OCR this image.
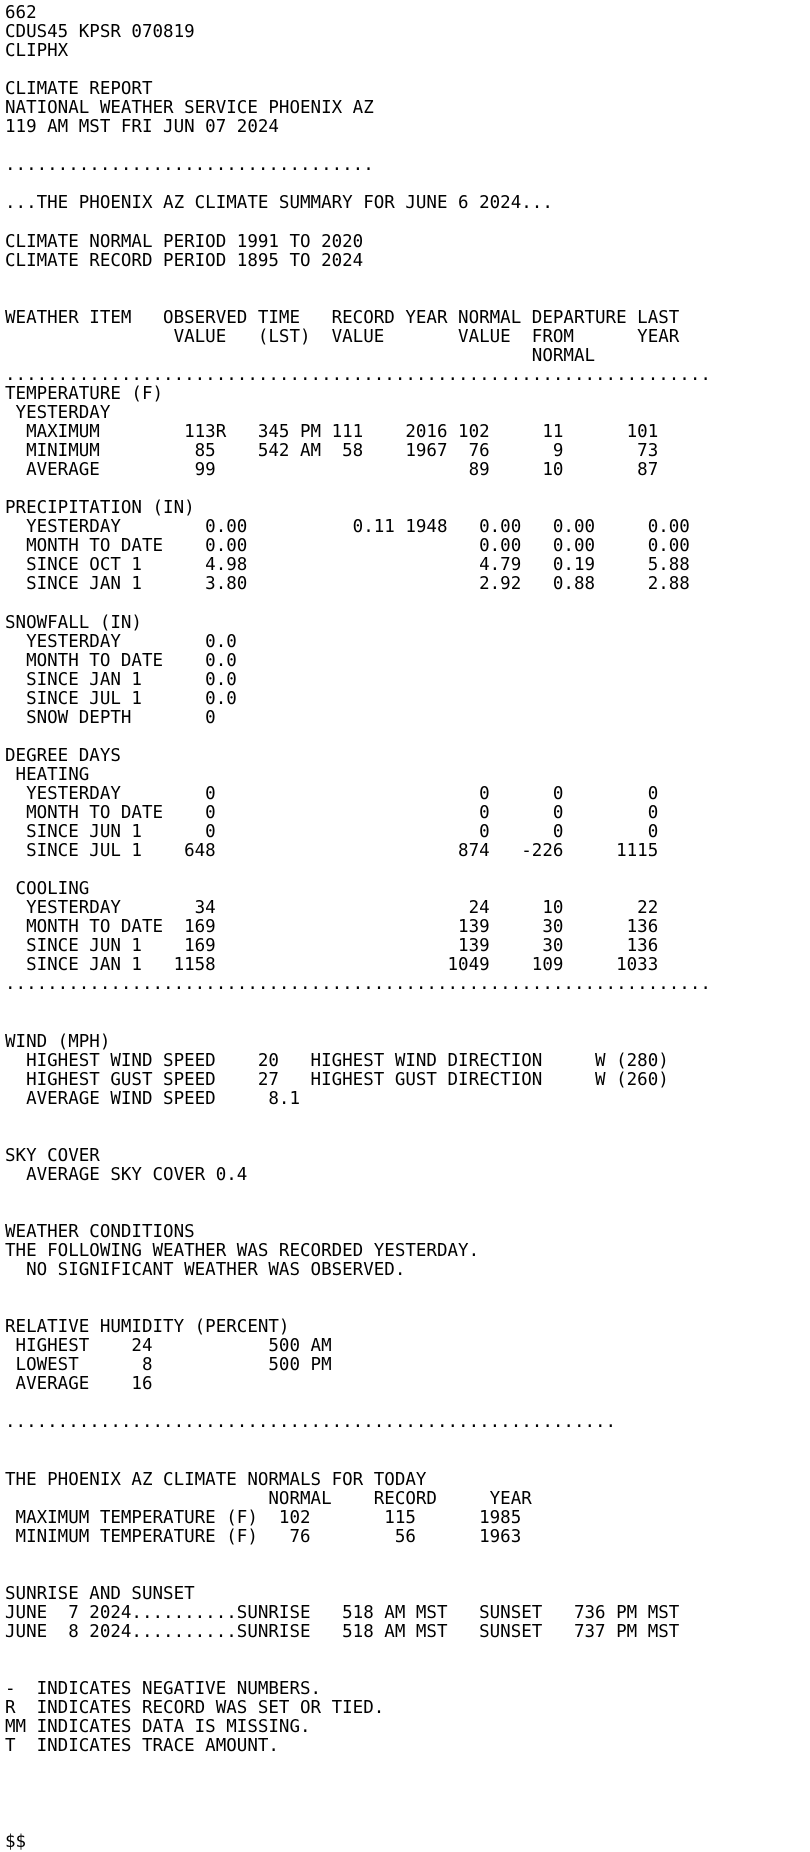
662
CDUS45 KPSR 070819
CLIPHX
CLIMATE REPORT
NATIONAL WEATHER SERVICE PHOENIX AZ
119 AM MST FRI JUN 07 2024
...................................
...THE PHOENIX AZ CLIMATE SUMMARY FOR JUNE 6 2024...
CLIMATE NORMAL PERIOD 1991 TO 2020
CLIMATE RECORD PERIOD 1895 TO 2024
WEATHER ITEM   OBSERVED TIME   RECORD YEAR NORMAL DEPARTURE LAST
VALUE   (LST)  VALUE       VALUE  FROM      YEAR
NORMAL
...................................................................
TEMPERATURE (F)
YESTERDAY
MAXIMUM        113R   345 PM 111    2016 102     11      101
MINIMUM         85    542 AM  58    1967  76      9       73
AVERAGE         99                        89     10       87
PRECIPITATION (IN)
YESTERDAY        0.00          0.11 1948   0.00   0.00     0.00
MONTH TO DATE    0.00                      0.00   0.00     0.00
SINCE OCT 1      4.98                      4.79   0.19     5.88
SINCE JAN 1      3.80                      2.92   0.88     2.88
SNOWFALL (IN)
YESTERDAY        0.0
MONTH TO DATE    0.0
SINCE JAN 1      0.0
SINCE JUL 1      0.0
SNOW DEPTH       0
DEGREE DAYS
HEATING
YESTERDAY        0                         0      0        0
MONTH TO DATE    0                         0      0        0
SINCE JUN 1      0                         0      0        0
SINCE JUL 1    648                       874   -226     1115
COOLING
YESTERDAY       34                        24     10       22
MONTH TO DATE  169                       139     30      136
SINCE JUN 1    169                       139     30      136
SINCE JAN 1   1158                      1049    109     1033
...................................................................
WIND (MPH)
HIGHEST WIND SPEED    20   HIGHEST WIND DIRECTION     W (280)
HIGHEST GUST SPEED    27   HIGHEST GUST DIRECTION     W (260)
AVERAGE WIND SPEED     8.1
SKY COVER
AVERAGE SKY COVER 0.4
WEATHER CONDITIONS
THE FOLLOWING WEATHER WAS RECORDED YESTERDAY.
NO SIGNIFICANT WEATHER WAS OBSERVED.
RELATIVE HUMIDITY (PERCENT)
HIGHEST    24           500 AM
LOWEST      8           500 PM
AVERAGE    16
..........................................................
THE PHOENIX AZ CLIMATE NORMALS FOR TODAY
NORMAL    RECORD     YEAR
MAXIMUM TEMPERATURE (F)  102       115      1985
MINIMUM TEMPERATURE (F)   76        56      1963
SUNRISE AND SUNSET
JUNE  7 2024..........SUNRISE   518 AM MST   SUNSET   736 PM MST
JUNE  8 2024..........SUNRISE   518 AM MST   SUNSET   737 PM MST
-  INDICATES NEGATIVE NUMBERS.
R  INDICATES RECORD WAS SET OR TIED.
MM INDICATES DATA IS MISSING.
T  INDICATES TRACE AMOUNT.
$$
